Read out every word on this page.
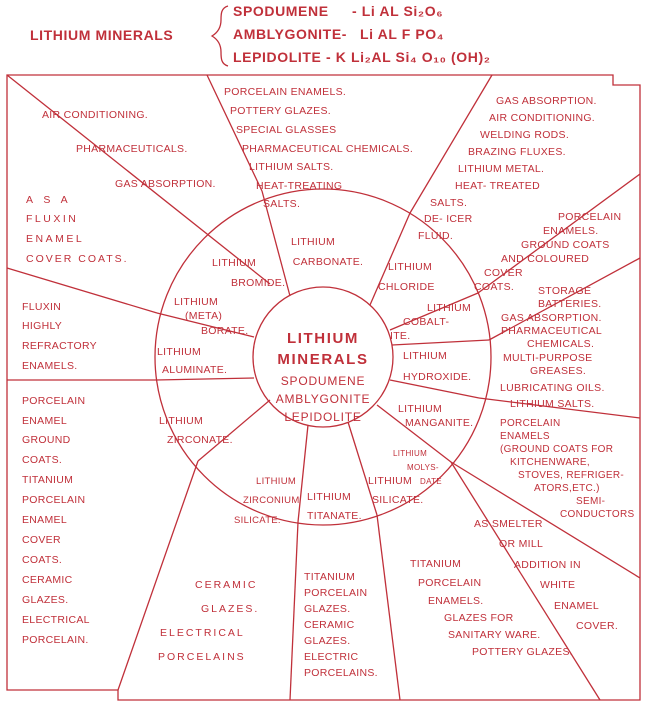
LITHIUM MINERALS
SPODUMENE - Li AL Si₂O₆
AMBLYGONITE- Li AL F PO₄
LEPIDOLITE - K Li₂AL Si₄ O₁₀ (OH)₂
LITHIUM
MINERALS
SPODUMENE
AMBLYGONITE
LEPIDOLITE
LITHIUM
CARBONATE.
LITHIUM
BROMIDE.
LITHIUM
CHLORIDE
LITHIUM
(META)
BORATE.
LITHIUM
COBALT-
ITE.
LITHIUM
ALUMINATE.
LITHIUM
HYDROXIDE.
LITHIUM
ZIRCONATE.
LITHIUM
MANGANITE.
LITHIUM
MOLYS-
DATE
LITHIUM
ZIRCONIUM
SILICATE.
LITHIUM
TITANATE.
LITHIUM
SILICATE.
PORCELAIN ENAMELS.
POTTERY GLAZES.
SPECIAL GLASSES
PHARMACEUTICAL CHEMICALS.
LITHIUM SALTS.
HEAT-TREATING
SALTS.
AIR CONDITIONING.
PHARMACEUTICALS.
GAS ABSORPTION.
A S A
FLUXIN
ENAMEL
COVER COATS.
GAS ABSORPTION.
AIR CONDITIONING.
WELDING RODS.
BRAZING FLUXES.
LITHIUM METAL.
HEAT- TREATED
SALTS.
DE- ICER
FLUID.
PORCELAIN
ENAMELS.
GROUND COATS
AND COLOURED
COVER
COATS.
FLUXIN
HIGHLY
REFRACTORY
ENAMELS.
STORAGE
BATTERIES.
GAS ABSORPTION.
PHARMACEUTICAL
CHEMICALS.
MULTI-PURPOSE
GREASES.
LUBRICATING OILS.
LITHIUM SALTS.
PORCELAIN
ENAMEL
GROUND
COATS.
TITANIUM
PORCELAIN
ENAMEL
COVER
COATS.
CERAMIC
GLAZES.
ELECTRICAL
PORCELAIN.
PORCELAIN
ENAMELS
(GROUND COATS FOR
KITCHENWARE,
STOVES, REFRIGER-
ATORS,ETC.)
SEMI-
CONDUCTORS
AS SMELTER
OR MILL
ADDITION IN
WHITE
ENAMEL
COVER.
CERAMIC
GLAZES.
ELECTRICAL
PORCELAINS
TITANIUM
PORCELAIN
GLAZES.
CERAMIC
GLAZES.
ELECTRIC
PORCELAINS.
TITANIUM
PORCELAIN
ENAMELS.
GLAZES FOR
SANITARY WARE.
POTTERY GLAZES.
